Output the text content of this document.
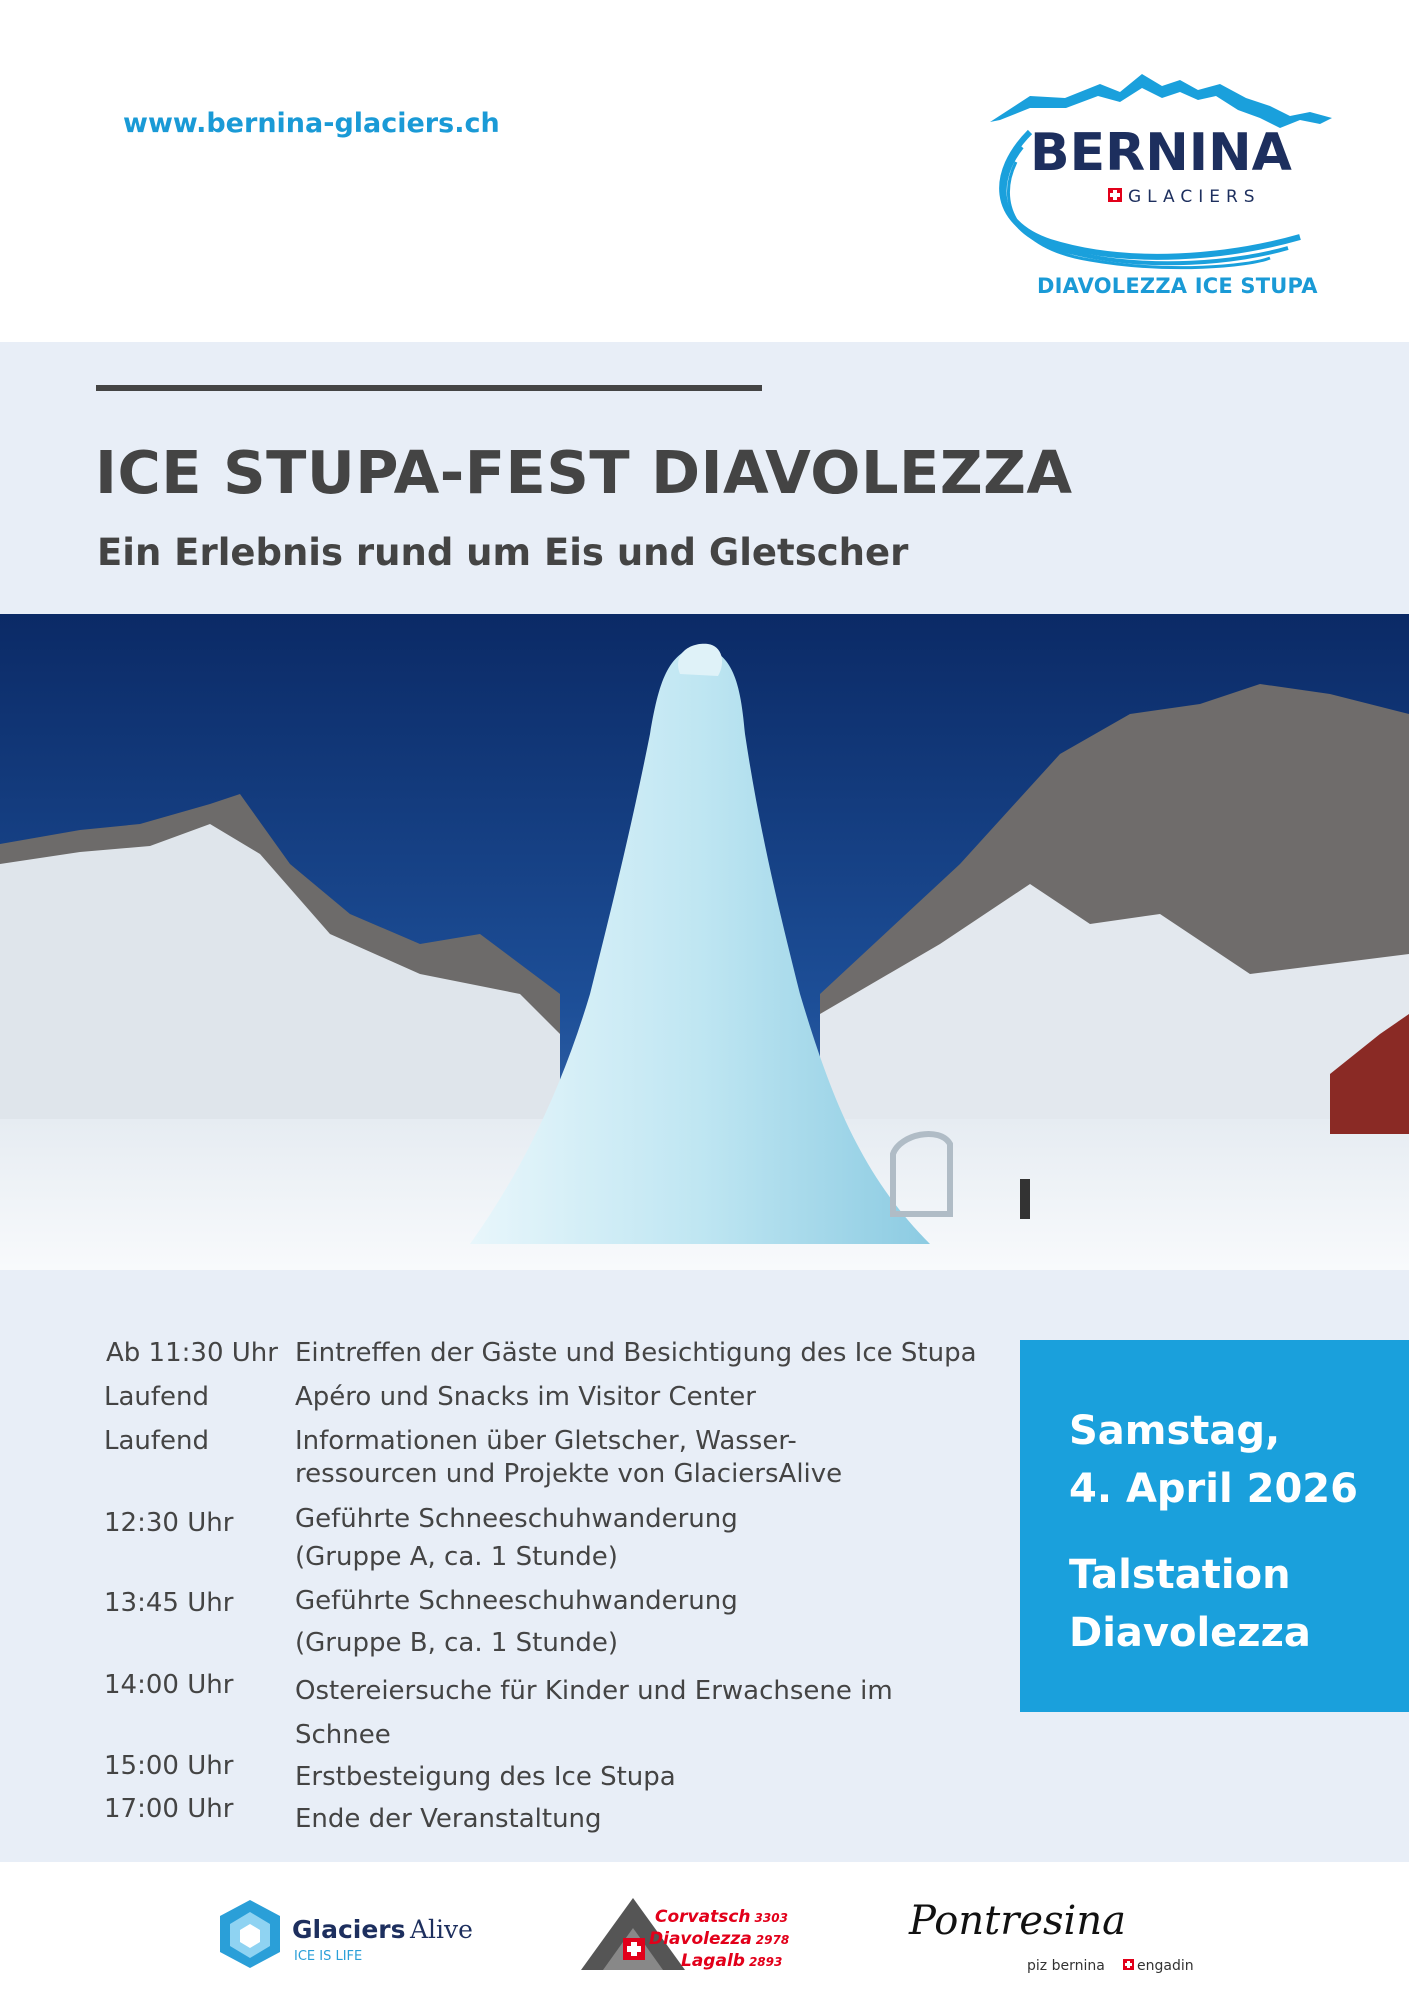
www.bernina-glaciers.ch	BERNINA
GLACIERS
DIAVOLEZZA ICE STUPA
ICE STUPA-FEST DIAVOLEZZA
Ein Erlebnis rund um Eis und Gletscher
Ab 11:30 Uhr Eintreffen der Gäste und Besichtigung des Ice Stupa
Laufend	Apéro und Snacks im Visitor Center
Laufend	Informationen über Gletscher, Wasser-
ressourcen und Projekte von GlaciersAlive
12:30 Uhr Geführte Schneeschuhwanderung
(Gruppe A, ca. 1 Stunde)
13:45 Uhr Geführte Schneeschuhwanderung
(Gruppe B, ca. 1 Stunde)
14:00 Uhr Ostereiersuche für Kinder und Erwachsene im
Schnee
15:00 Uhr Erstbesteigung des Ice Stupa
17:00 Uhr Ende der Veranstaltung
Samstag,
4. April 2026
Talstation
Diavolezza
Glaciers Alive
ICE IS LIFE
Corvatsch 3303
Diavolezza 2978
Lagalb 2893
Pontresina
piz bernina engadin
